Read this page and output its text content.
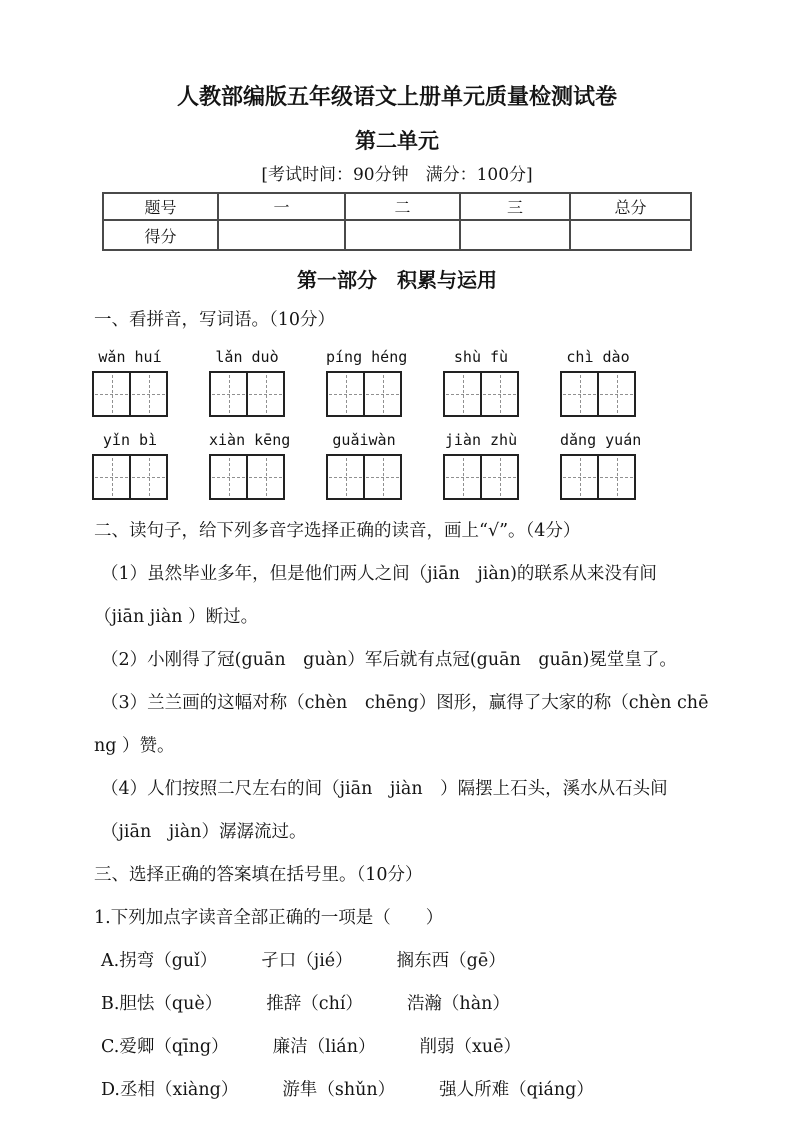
人教部编版五年级语文上册单元质量检测试卷
第二单元
[考试时间：90分钟　满分：100分]
题号	一	二	三	总分
得分				
第一部分　积累与运用
一、看拼音，写词语。（10分）
wǎn huí	lǎn duò	píng héng	shù fù	chì dào
yǐn bì	xiàn kēng	guǎiwàn	jiàn zhù	dǎng yuán
二、读句子，给下列多音字选择正确的读音，画上“√”。（4分）
（1）虽然毕业多年，但是他们两人之间（jiān　jiàn)的联系从来没有间
（jiān jiàn ）断过。
（2）小刚得了冠(guān　guàn）军后就有点冠(guān　guān)冕堂皇了。
（3）兰兰画的这幅对称（chèn　chēng）图形，赢得了大家的称（chèn chē
ng ）赞。
（4）人们按照二尺左右的间（jiān　jiàn　）隔摆上石头，溪水从石头间
（jiān　jiàn）潺潺流过。
三、选择正确的答案填在括号里。（10分）
1.下列加点字读音全部正确的一项是（　　）
A.拐弯（guǐ）	孑口（jié）	搁东西（gē）
B.胆怯（què）	推辞（chí）	浩瀚（hàn）
C.爱卿（qīng）	廉洁（lián）	削弱（xuē）
D.丞相（xiàng）	游隼（shǔn）	强人所难（qiáng）
